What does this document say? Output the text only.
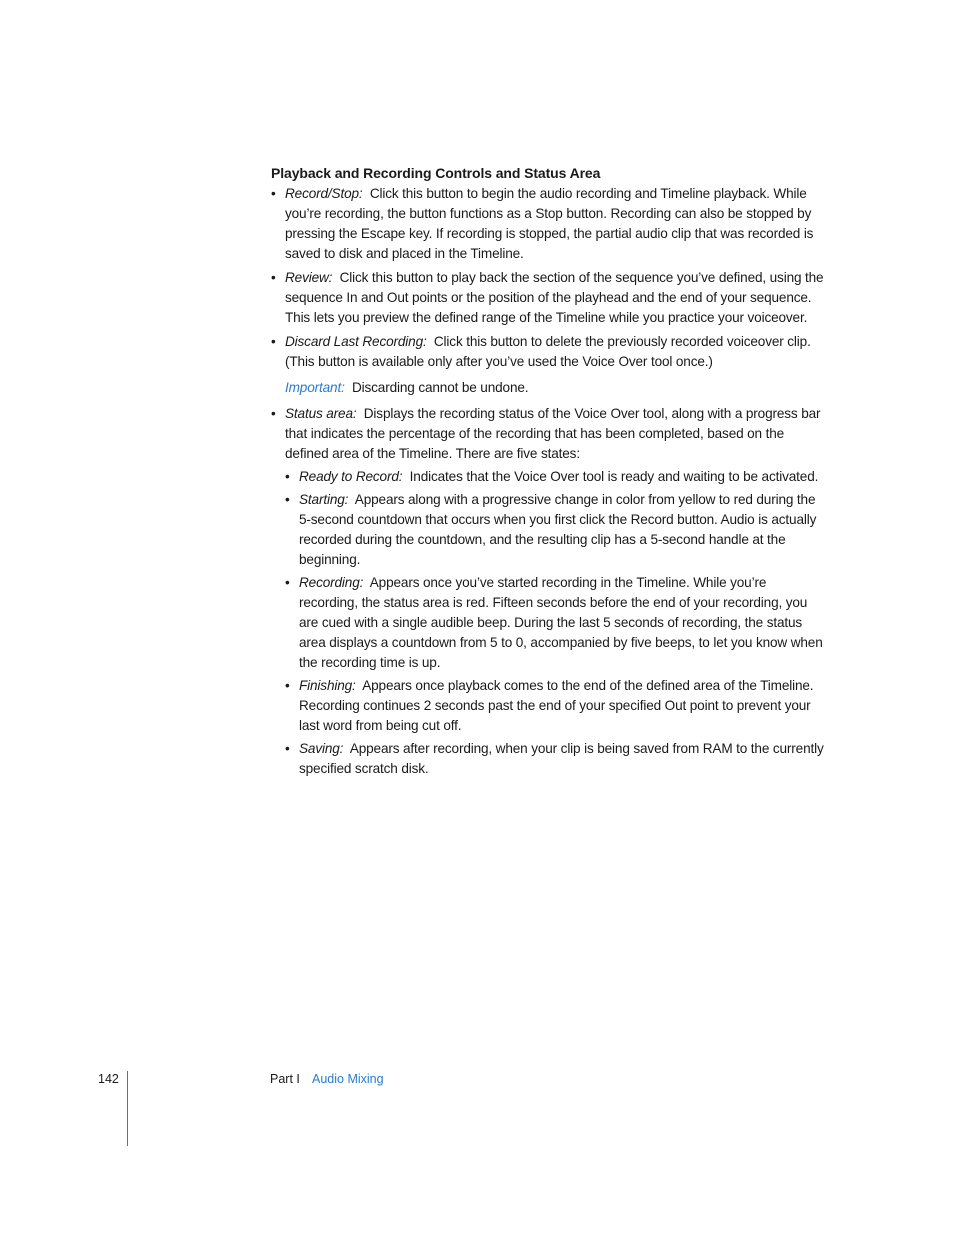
Playback and Recording Controls and Status Area
• Record/Stop: Click this button to begin the audio recording and Timeline playback. While you’re recording, the button functions as a Stop button. Recording can also be stopped by pressing the Escape key. If recording is stopped, the partial audio clip that was recorded is saved to disk and placed in the Timeline.
• Review: Click this button to play back the section of the sequence you’ve defined, using the sequence In and Out points or the position of the playhead and the end of your sequence. This lets you preview the defined range of the Timeline while you practice your voiceover.
• Discard Last Recording: Click this button to delete the previously recorded voiceover clip. (This button is available only after you’ve used the Voice Over tool once.)
Important: Discarding cannot be undone.
• Status area: Displays the recording status of the Voice Over tool, along with a progress bar that indicates the percentage of the recording that has been completed, based on the defined area of the Timeline. There are five states:
• Ready to Record: Indicates that the Voice Over tool is ready and waiting to be activated.
• Starting: Appears along with a progressive change in color from yellow to red during the 5-second countdown that occurs when you first click the Record button. Audio is actually recorded during the countdown, and the resulting clip has a 5-second handle at the beginning.
• Recording: Appears once you’ve started recording in the Timeline. While you’re recording, the status area is red. Fifteen seconds before the end of your recording, you are cued with a single audible beep. During the last 5 seconds of recording, the status area displays a countdown from 5 to 0, accompanied by five beeps, to let you know when the recording time is up.
• Finishing: Appears once playback comes to the end of the defined area of the Timeline. Recording continues 2 seconds past the end of your specified Out point to prevent your last word from being cut off.
• Saving: Appears after recording, when your clip is being saved from RAM to the currently specified scratch disk.
142	Part I Audio Mixing
